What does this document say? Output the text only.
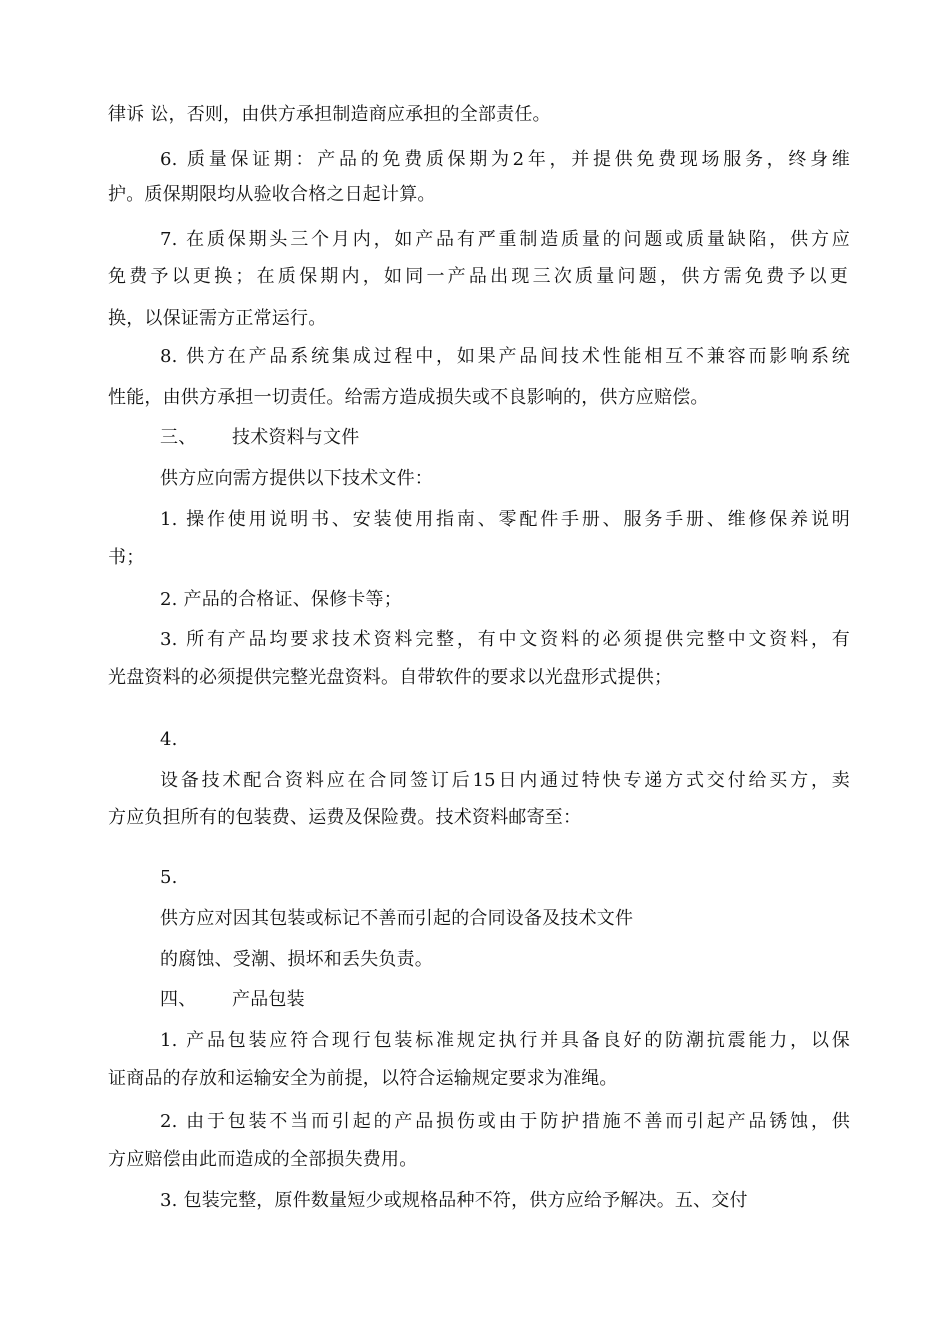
律诉 讼，否则，由供方承担制造商应承担的全部责任。
6. 质量保证期：产品的免费质保期为2年，并提供免费现场服务，终身维
护。质保期限均从验收合格之日起计算。
7. 在质保期头三个月内，如产品有严重制造质量的问题或质量缺陷，供方应
免费予以更换；在质保期内，如同一产品出现三次质量问题，供方需免费予以更
换，以保证需方正常运行。
8. 供方在产品系统集成过程中，如果产品间技术性能相互不兼容而影响系统
性能，由供方承担一切责任。给需方造成损失或不良影响的，供方应赔偿。
三、 技术资料与文件
供方应向需方提供以下技术文件：
1. 操作使用说明书、安装使用指南、零配件手册、服务手册、维修保养说明
书；
2. 产品的合格证、保修卡等；
3. 所有产品均要求技术资料完整，有中文资料的必须提供完整中文资料，有
光盘资料的必须提供完整光盘资料。自带软件的要求以光盘形式提供；
4.
设备技术配合资料应在合同签订后15日内通过特快专递方式交付给买方，卖
方应负担所有的包装费、运费及保险费。技术资料邮寄至：
5.
供方应对因其包装或标记不善而引起的合同设备及技术文件
的腐蚀、受潮、损坏和丢失负责。
四、 产品包装
1. 产品包装应符合现行包装标准规定执行并具备良好的防潮抗震能力，以保
证商品的存放和运输安全为前提，以符合运输规定要求为准绳。
2. 由于包装不当而引起的产品损伤或由于防护措施不善而引起产品锈蚀，供
方应赔偿由此而造成的全部损失费用。
3. 包装完整，原件数量短少或规格品种不符，供方应给予解决。五、交付
